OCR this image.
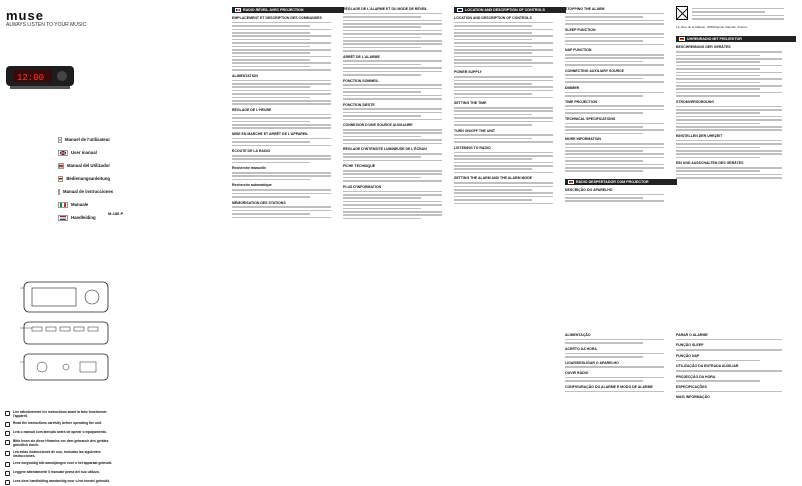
muse
ALWAYS LISTEN TO YOUR MUSIC
12:00
Manuel de l'utilisateur
User manual
Manual del Utilizador
Bedienungsanleitung
Manual de instrucciones
Manuale
Handleiding
M-186 P
Lire attentivement les instructions avant la faire fonctionner l'appareil.
Read the instructions carefully before operating the unit.
Leia o manual com atenção antes de operar o equipamento.
Bitte lesen sie diese Hinweise vor dem gebrauch des gerätes gründlich durch.
Lea estas instrucciones de uso, incluidas las siguientes instrucciones.
Lees zorgvuldig alle aanwijzingen voor u het apparaat gebruikt.
Leggere attentamente il manuale prima del suo utilizzo.
Lees deze handleiding aandachtig voor u het toestel gebruikt.
RADIO RÉVEIL AVEC PROJECTION
EMPLACEMENT ET DESCRIPTION DES COMMANDES
ALIMENTATION
RÉGLAGE DE L'HEURE
MISE EN MARCHE ET ARRÊT DE L'APPAREIL
ÉCOUTE DE LA RADIO
Recherche manuelle
Recherche automatique
MÉMORISATION DES STATIONS
RÉGLAGE DE L'ALARME ET DU MODE DE RÉVEIL
ARRÊT DE L'ALARME
FONCTION SOMMEIL
FONCTION SIESTE
CONNEXION D'UNE SOURCE AUXILIAIRE
RÉGLAGE D'INTENSITÉ LUMINEUSE DE L'ÉCRAN
FICHE TECHNIQUE
PLUS D'INFORMATION
LOCATION AND DESCRIPTION OF CONTROLS
LOCATION AND DESCRIPTION OF CONTROLS
POWER SUPPLY
SETTING THE TIME
TURN ON/OFF THE UNIT
LISTENING TO RADIO
SETTING THE ALARM AND THE ALARM MODE
STOPPING THE ALARM
SLEEP FUNCTION
NAP FUNCTION
CONNECTING AUXILIARY SOURCE
DIMMER
TIME PROJECTION
TECHNICAL SPECIFICATIONS
MORE INFORMATION
RÁDIO DESPERTADOR COM PROJECTOR
DESCRIÇÃO DO APARELHO
14, Rue de la Maison, 20000 Ecole Valentin, France
UHRENRADIO MIT PROJEKTOR
BESCHREIBUNG DER GERÄTES
STROMVERSORGUNG
EINSTELLEN DER UHRZEIT
EIN UND AUSSCHALTEN DES GERÄTES
ALIMENTAÇÃO
ACERTO DA HORA
LIGAR/DESLIGAR O APARELHO
OUVIR RÁDIO
CONFIGURAÇÃO DO ALARME E MODO DE ALARME
PARAR O ALARME
FUNÇÃO SLEEP
FUNÇÃO NAP
UTILIZAÇÃO DA ENTRADA AUXILIAR
PROJECÇÃO DA HORA
ESPECIFICAÇÕES
MAIS INFORMAÇÃO
